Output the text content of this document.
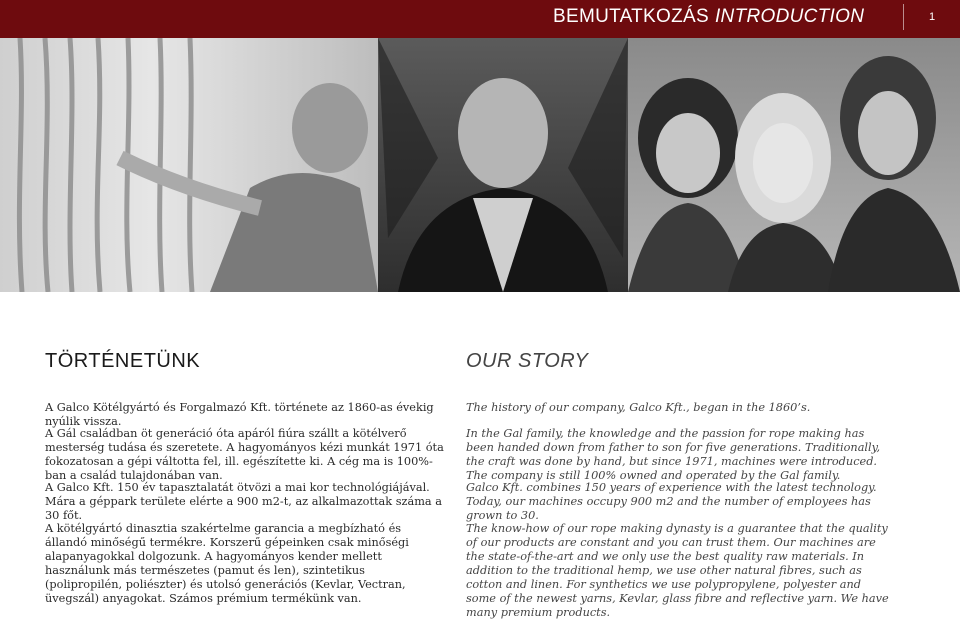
BEMUTATKOZÁS INTRODUCTION	1
TÖRTÉNETÜNK

A Galco Kötélgyártó és Forgalmazó Kft. története az 1860-as évekig nyúlik vissza.

A Gál családban öt generáció óta apáról fiúra szállt a kötélverő mesterség tudása és szeretete. A hagyományos kézi munkát 1971 óta fokozatosan a gépi váltotta fel, ill. egészítette ki. A cég ma is 100%-ban a család tulajdonában van.

A Galco Kft. 150 év tapasztalatát ötvözi a mai kor technológiájával. Mára a géppark területe elérte a 900 m2-t, az alkalmazottak száma a 30 főt.

A kötélgyártó dinasztia szakértelme garancia a megbízható és állandó minőségű termékre. Korszerű gépeinken csak minőségi alapanyagokkal dolgozunk. A hagyományos kender mellett használunk más természetes (pamut és len), szintetikus (polipropilén, poliészter) és utolsó generációs (Kevlar, Vectran, üvegszál) anyagokat. Számos prémium termékünk van.

OUR STORY

The history of our company, Galco Kft., began in the 1860’s.

In the Gal family, the knowledge and the passion for rope making has been handed down from father to son for five generations. Traditionally, the craft was done by hand, but since 1971, machines were introduced. The company is still 100% owned and operated by the Gal family.

Galco Kft. combines 150 years of experience with the latest technology. Today, our machines occupy 900 m2 and the number of employees has grown to 30.

The know-how of our rope making dynasty is a guarantee that the quality of our products are constant and you can trust them. Our machines are the state-of-the-art and we only use the best quality raw materials. In addition to the traditional hemp, we use other natural fibres, such as cotton and linen. For synthetics we use polypropylene, polyester and some of the newest yarns, Kevlar, glass fibre and reflective yarn. We have many premium products.
